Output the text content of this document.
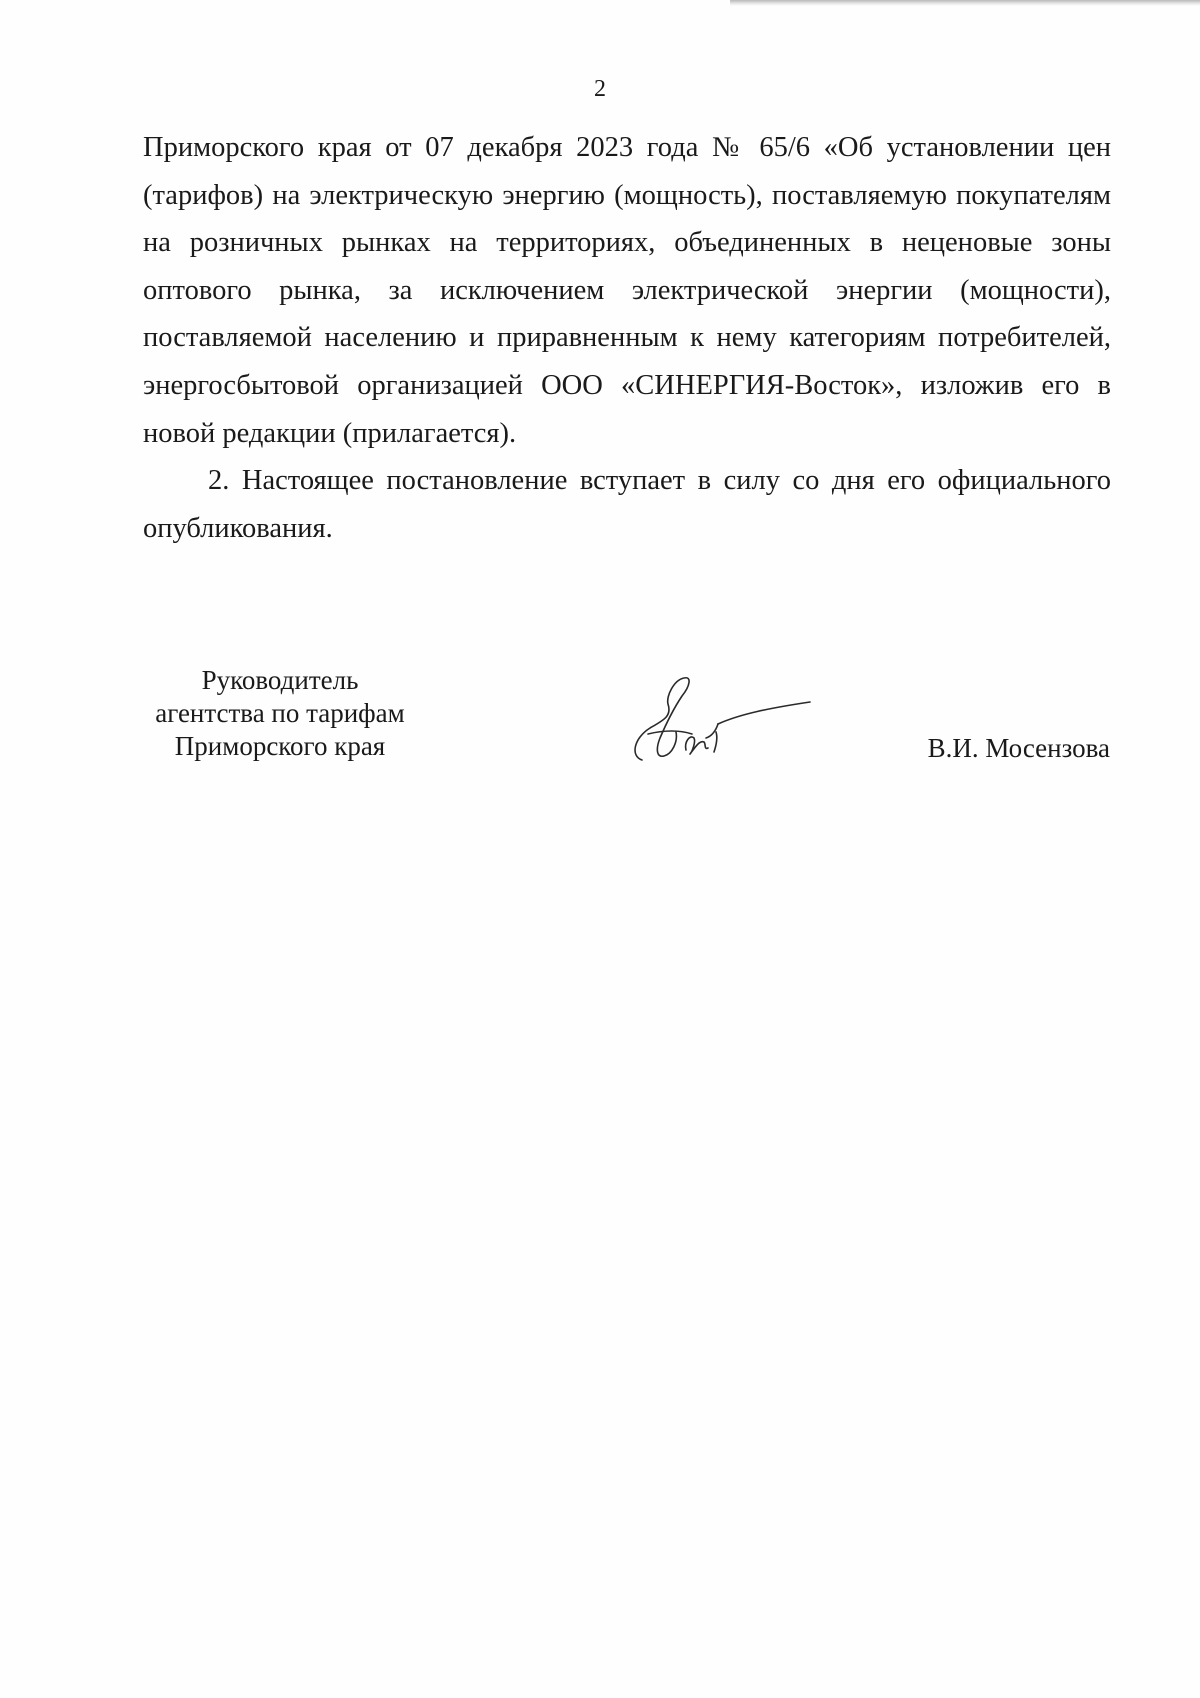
2

Приморского края от 07 декабря 2023 года № 65/6 «Об установлении цен (тарифов) на электрическую энергию (мощность), поставляемую покупателям на розничных рынках на территориях, объединенных в неценовые зоны оптового рынка, за исключением электрической энергии (мощности), поставляемой населению и приравненным к нему категориям потребителей, энергосбытовой организацией ООО «СИНЕРГИЯ-Восток», изложив его в новой редакции (прилагается).

2. Настоящее постановление вступает в силу со дня его официального опубликования.

Руководитель
агентства по тарифам
Приморского края	В.И. Мосензова
